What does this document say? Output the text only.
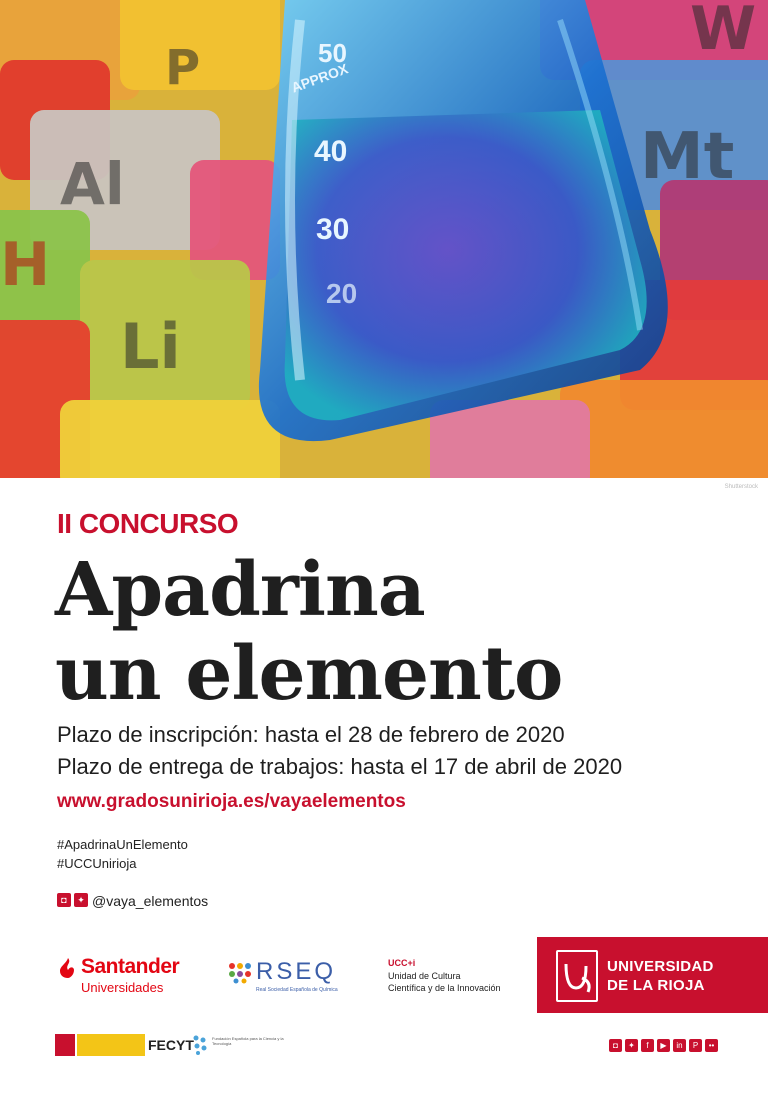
Al
Li
H
Mt
W
P	APPROX
50
40
30
20
Shutterstock
II CONCURSO
Apadrina
un elemento
Plazo de inscripción: hasta el 28 de febrero de 2020
Plazo de entrega de trabajos: hasta el 17 de abril de 2020
www.gradosunirioja.es/vayaelementos
#ApadrinaUnElemento
#UCCUnirioja
◘	✦ @vaya_elementos
Santander
Universidades
RSEQ
Real Sociedad Española de Química
UCC+i
Unidad de Cultura
Científica y de la Innovación
UNIVERSIDAD
DE LA RIOJA
FECYT	Fundación Española para la Ciencia y la Tecnología	◘	✦	f	▶	in	P	••
